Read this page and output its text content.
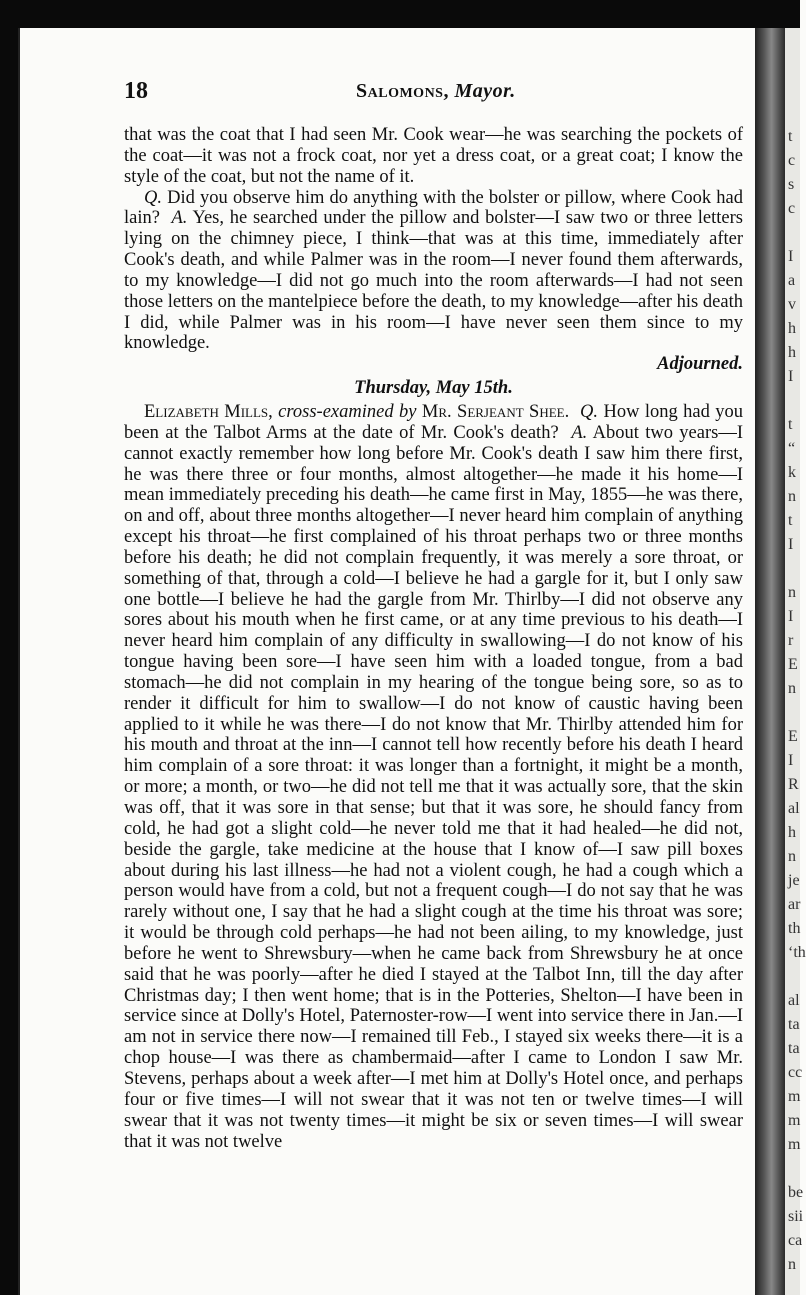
t
c
s
c
I
a
v
h
h
I
t
“
k
n
t
I
n
I
r
E
n
E
I
R
al
h
n
je
ar
th
‘th
al
ta
ta
cc
m
m
m
be
sii
ca
n
18	Salomons, Mayor.

that was the coat that I had seen Mr. Cook wear—he was searching the pockets of the coat—it was not a frock coat, nor yet a dress coat, or a great coat; I know the style of the coat, but not the name of it.

Q. Did you observe him do anything with the bolster or pillow, where Cook had lain? A. Yes, he searched under the pillow and bolster—I saw two or three letters lying on the chimney piece, I think—that was at this time, immediately after Cook's death, and while Palmer was in the room—I never found them afterwards, to my knowledge—I did not go much into the room afterwards—I had not seen those letters on the mantelpiece before the death, to my knowledge—after his death I did, while Palmer was in his room—I have never seen them since to my knowledge.

Adjourned.

Thursday, May 15th.

Elizabeth Mills, cross-examined by Mr. Serjeant Shee. Q. How long had you been at the Talbot Arms at the date of Mr. Cook's death? A. About two years—I cannot exactly remember how long before Mr. Cook's death I saw him there first, he was there three or four months, almost altogether—he made it his home—I mean immediately preceding his death—he came first in May, 1855—he was there, on and off, about three months altogether—I never heard him complain of anything except his throat—he first complained of his throat perhaps two or three months before his death; he did not complain frequently, it was merely a sore throat, or something of that, through a cold—I believe he had a gargle for it, but I only saw one bottle—I believe he had the gargle from Mr. Thirlby—I did not observe any sores about his mouth when he first came, or at any time previous to his death—I never heard him complain of any difficulty in swallowing—I do not know of his tongue having been sore—I have seen him with a loaded tongue, from a bad stomach—he did not complain in my hearing of the tongue being sore, so as to render it difficult for him to swallow—I do not know of caustic having been applied to it while he was there—I do not know that Mr. Thirlby attended him for his mouth and throat at the inn—I cannot tell how recently before his death I heard him complain of a sore throat: it was longer than a fortnight, it might be a month, or more; a month, or two—he did not tell me that it was actually sore, that the skin was off, that it was sore in that sense; but that it was sore, he should fancy from cold, he had got a slight cold—he never told me that it had healed—he did not, beside the gargle, take medicine at the house that I know of—I saw pill boxes about during his last illness—he had not a violent cough, he had a cough which a person would have from a cold, but not a frequent cough—I do not say that he was rarely without one, I say that he had a slight cough at the time his throat was sore; it would be through cold perhaps—he had not been ailing, to my knowledge, just before he went to Shrewsbury—when he came back from Shrewsbury he at once said that he was poorly—after he died I stayed at the Talbot Inn, till the day after Christmas day; I then went home; that is in the Potteries, Shelton—I have been in service since at Dolly's Hotel, Paternoster-row—I went into service there in Jan.—I am not in service there now—I remained till Feb., I stayed six weeks there—it is a chop house—I was there as chambermaid—after I came to London I saw Mr. Stevens, perhaps about a week after—I met him at Dolly's Hotel once, and perhaps four or five times—I will not swear that it was not ten or twelve times—I will swear that it was not twenty times—it might be six or seven times—I will swear that it was not twelve
